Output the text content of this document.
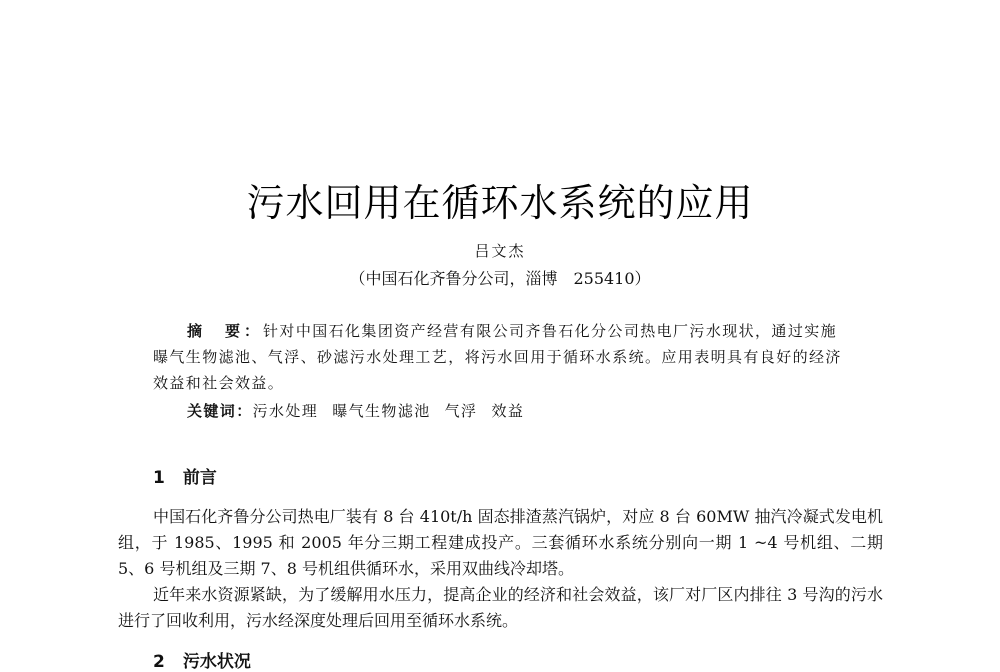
污水回用在循环水系统的应用
吕文杰
（中国石化齐鲁分公司，淄博　255410）

摘　要：针对中国石化集团资产经营有限公司齐鲁石化分公司热电厂污水现状，通过实施曝气生物滤池、气浮、砂滤污水处理工艺，将污水回用于循环水系统。应用表明具有良好的经济效益和社会效益。

关键词：污水处理 曝气生物滤池 气浮 效益
1 前言

中国石化齐鲁分公司热电厂装有 8 台 410t/h 固态排渣蒸汽锅炉，对应 8 台 60MW 抽汽冷凝式发电机组，于 1985、1995 和 2005 年分三期工程建成投产。三套循环水系统分别向一期 1 ~4 号机组、二期 5、6 号机组及三期 7、8 号机组供循环水，采用双曲线冷却塔。

近年来水资源紧缺，为了缓解用水压力，提高企业的经济和社会效益，该厂对厂区内排往 3 号沟的污水进行了回收利用，污水经深度处理后回用至循环水系统。

2 污水状况
